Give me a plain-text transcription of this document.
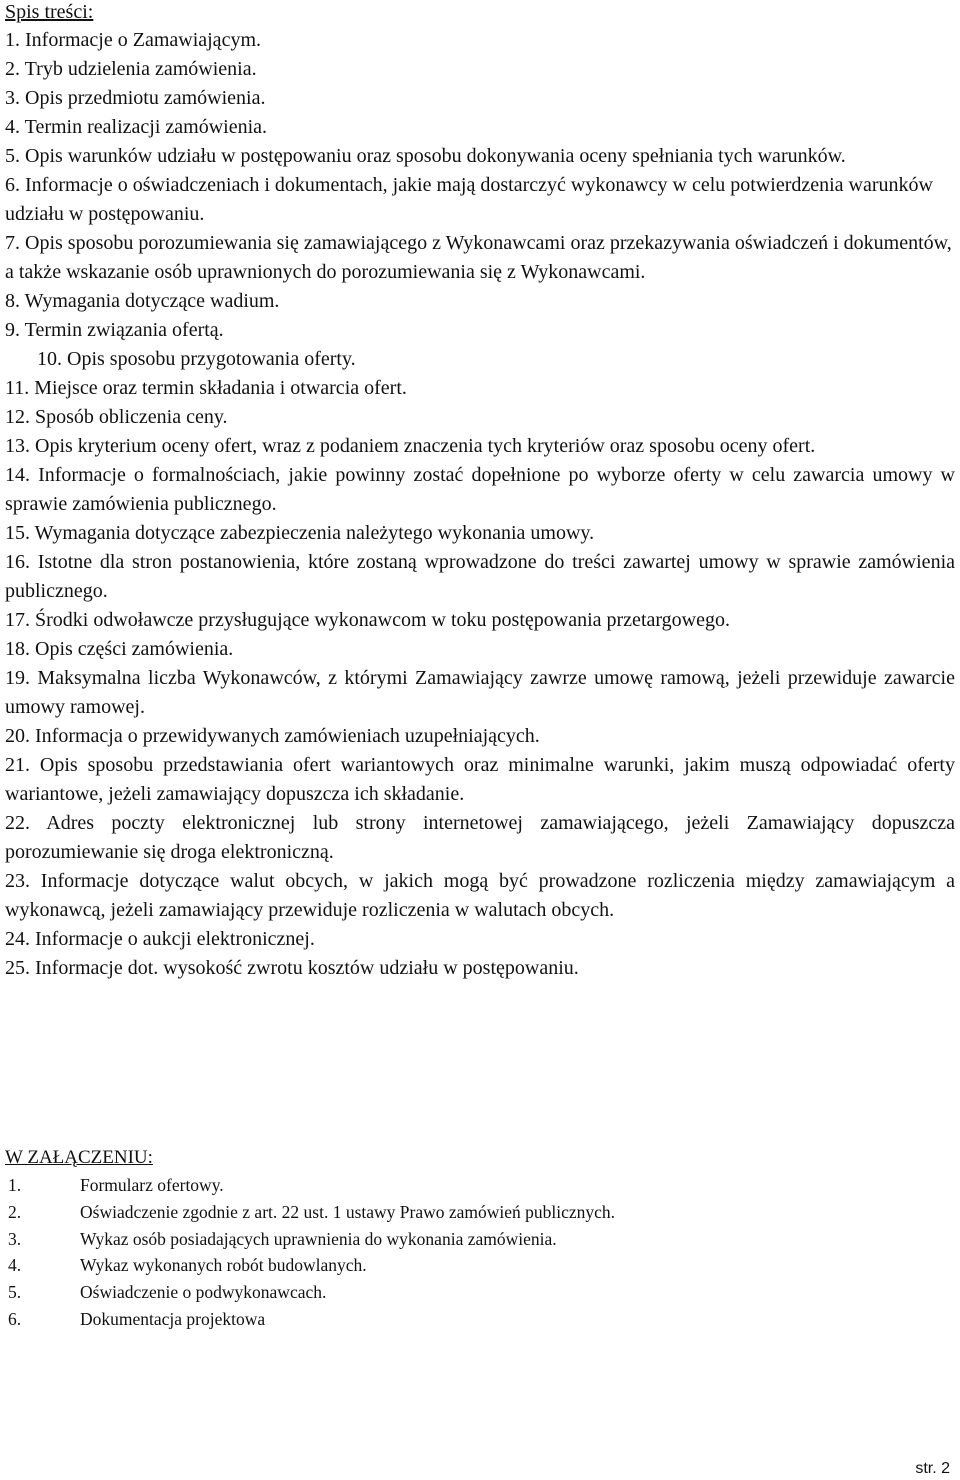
Spis treści:
1. Informacje o Zamawiającym.
2. Tryb udzielenia zamówienia.
3. Opis przedmiotu zamówienia.
4. Termin realizacji zamówienia.
5. Opis warunków udziału w postępowaniu oraz sposobu dokonywania oceny spełniania tych warunków.
6. Informacje o oświadczeniach i dokumentach, jakie mają dostarczyć wykonawcy w celu potwierdzenia warunków udziału w postępowaniu.
7. Opis sposobu porozumiewania się zamawiającego z Wykonawcami oraz przekazywania oświadczeń i dokumentów, a także wskazanie osób uprawnionych do porozumiewania się z Wykonawcami.
8. Wymagania dotyczące wadium.
9. Termin związania ofertą.
10. Opis sposobu przygotowania oferty.
11. Miejsce oraz termin składania i otwarcia ofert.
12. Sposób obliczenia ceny.
13. Opis kryterium oceny ofert, wraz z podaniem znaczenia tych kryteriów oraz sposobu oceny ofert.
14. Informacje o formalnościach, jakie powinny zostać dopełnione po wyborze oferty w celu zawarcia umowy w sprawie zamówienia publicznego.
15. Wymagania dotyczące zabezpieczenia należytego wykonania umowy.
16. Istotne dla stron postanowienia, które zostaną wprowadzone do treści zawartej umowy w sprawie zamówienia publicznego.
17. Środki odwoławcze przysługujące wykonawcom w toku postępowania przetargowego.
18. Opis części zamówienia.
19. Maksymalna liczba Wykonawców, z którymi Zamawiający zawrze umowę ramową, jeżeli przewiduje zawarcie umowy ramowej.
20. Informacja o przewidywanych zamówieniach uzupełniających.
21. Opis sposobu przedstawiania ofert wariantowych oraz minimalne warunki, jakim muszą odpowiadać oferty wariantowe, jeżeli zamawiający dopuszcza ich składanie.
22. Adres poczty elektronicznej lub strony internetowej zamawiającego, jeżeli Zamawiający dopuszcza porozumiewanie się droga elektroniczną.
23. Informacje dotyczące walut obcych, w jakich mogą być prowadzone rozliczenia między zamawiającym a wykonawcą, jeżeli zamawiający przewiduje rozliczenia w walutach obcych.
24. Informacje o aukcji elektronicznej.
25. Informacje dot. wysokość zwrotu kosztów udziału w postępowaniu.
W ZAŁĄCZENIU:
1.	Formularz ofertowy.
2.	Oświadczenie zgodnie z art. 22 ust. 1 ustawy Prawo zamówień publicznych.
3.	Wykaz osób posiadających uprawnienia do wykonania zamówienia.
4.	Wykaz wykonanych robót budowlanych.
5.	Oświadczenie o podwykonawcach.
6.	Dokumentacja projektowa
str. 2
